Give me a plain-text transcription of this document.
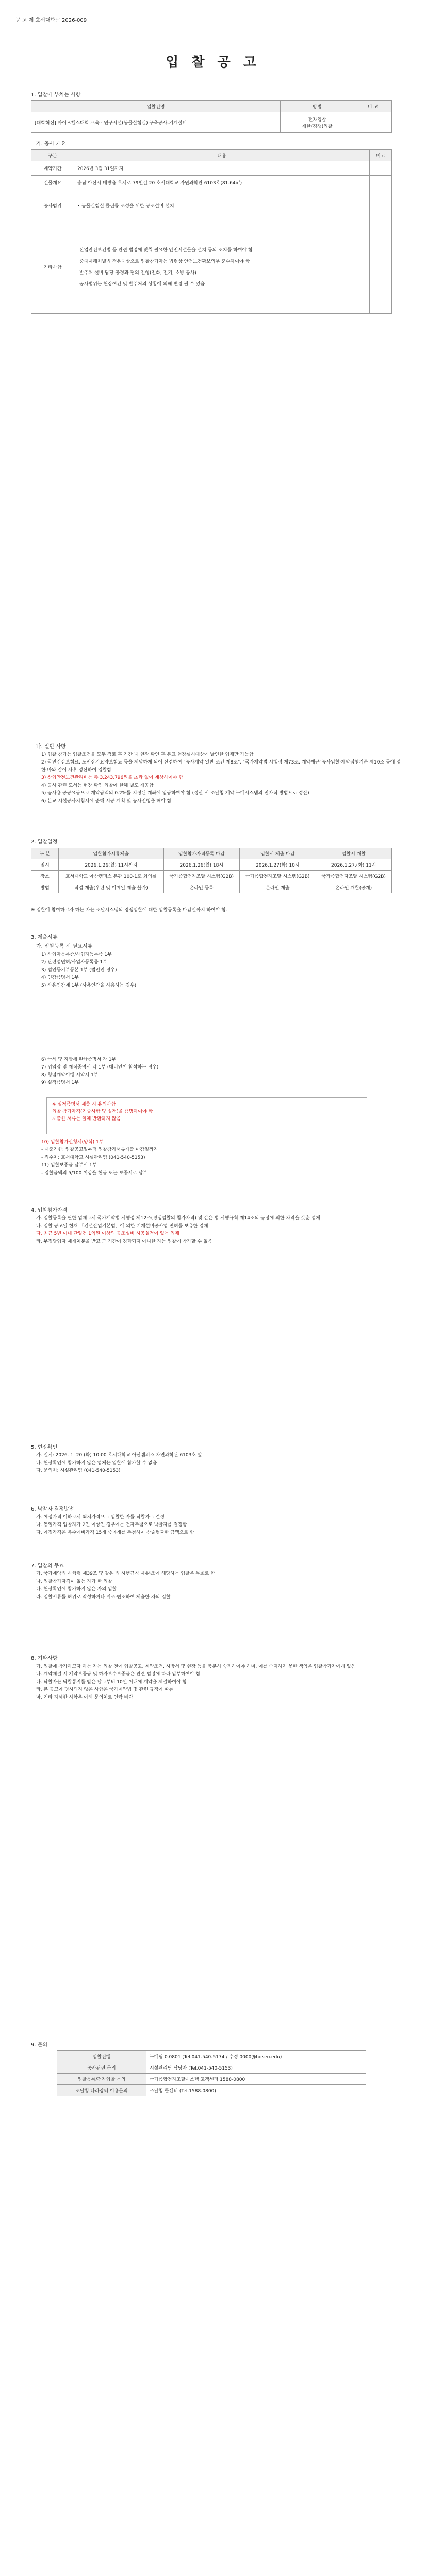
공 고 제 호서대학교 2026-009
입 찰 공 고
1. 입찰에 부치는 사항
입찰건명	방법	비 고
[대학혁신] 바이오헬스대학 교육 · 연구시설(동물실험실) 구축공사-기계설비	전자입찰
제한(경쟁)입찰	
가. 공사 개요
구분	내용	비고
계약기간	2026년 3월 31일까지	
건물개요	충남 아산시 배방읍 호서로 79번길 20 호서대학교 자연과학관 6103호(81.64㎡)	
공사범위	• 동물실험실 클린룸 조성을 위한 공조설비 설치	
기타사항	산업안전보건법 등 관련 법령에 맞춰 필요한 안전시설물을 설치 등의 조치를 하여야 함
중대재해처벌법 적용대상으로 입찰참가자는 법령상 안전보건확보의무 준수하여야 함
발주처 설비 담당 공정과 협의 진행(전화, 전기, 소방 공사)
공사범위는 현장여건 및 발주처의 상황에 의해 변경 될 수 있음	
나. 일반 사항
1) 입찰 참가는 입찰조건을 모두 검토 후 기간 내 현장 확인 후 본교 현장설시대상에 날인한 업체만 가능함
2) 국민건강보험료, 노인장기요양보험료 등을 체납하게 되어 산정하여 "공사계약 일반 조건 제8조", "국가계약법 시행령 제73조, 계약예규"공사입찰·계약집행기준 제10조 등에 정한 바와 같이 사후 정산하여 입찰함
3) 산업안전보건관리비는 총 3,243,796원을 초과 없이 계상하여야 함
4) 공사 관련 도서는 현장 확인 입찰에 한해 별도 제공함
5) 공사용 공공요금으로 계약금액의 0.2%를 지정된 계좌에 입금하여야 함 (정산 시 조달청 계약 구매시스템의 전자적 방법으로 정산)
6) 본교 시설공사지침서에 준해 시공 계획 및 공사진행을 해야 함
2. 입찰일정
구 분	입찰참가서류제출	입찰참가자격등록 마감	입찰서 제출 마감	입찰서 개찰
일시	2026.1.26(월) 11시까지	2026.1.26(월) 18시	2026.1.27(화) 10시	2026.1.27.(화) 11시
장소	호서대학교 아산캠퍼스 본관 100-1호 회의실	국가종합전자조달 시스템(G2B)	국가종합전자조달 시스템(G2B)	국가종합전자조달 시스템(G2B)
방법	직접 제출(우편 및 이메일 제출 불가)	온라인 등록	온라인 제출	온라인 개찰(공개)
※ 입찰에 참여하고자 하는 자는 조달시스템의 경쟁입찰에 대한 입찰등록을 마감일까지 하여야 함.
3. 제출서류
가. 입찰등록 시 필요서류
1) 사업자등록증/사업자등록증 1부
2) 관련업면허/사업자등록증 1부
3) 법인등기부등본 1부 (법인인 경우)
4) 인감증명서 1부
5) 사용인감계 1부 (사용인감을 사용하는 경우)
6) 국세 및 지방세 완납증명서 각 1부
7) 위임장 및 재직증명서 각 1부 (대리인이 참석하는 경우)
8) 청렴계약이행 서약서 1부
9) 실적증명서 1부

※ 실적증명서 제출 시 유의사항

입찰 참가자격(기술사항 및 실적)을 증명하여야 함

제출한 서류는 일체 반환하지 않음

10) 입찰참가신청서(양식) 1부
- 제출기한: 입찰공고일부터 입찰참가서류제출 마감일까지
- 접수처: 호서대학교 시설관리팀 (041-540-5153)
11) 입찰보증금 납부서 1부
- 입찰금액의 5/100 이상을 현금 또는 보증서로 납부
4. 입찰참가자격
가. 입찰등록을 필한 업체로서 국가계약법 시행령 제12조(경쟁입찰의 참가자격) 및 같은 법 시행규칙 제14조의 규정에 의한 자격을 갖춘 업체
나. 입찰 공고일 현재 「건설산업기본법」에 의한 기계설비공사업 면허를 보유한 업체
다. 최근 5년 이내 단일건 1억원 이상의 공조설비 시공실적이 있는 업체
라. 부정당업자 제재처분을 받고 그 기간이 경과되지 아니한 자는 입찰에 참가할 수 없음
5. 현장확인
가. 일시: 2026. 1. 20.(화) 10:00 호서대학교 아산캠퍼스 자연과학관 6103호 앞
나. 현장확인에 참가하지 않은 업체는 입찰에 참가할 수 없음
다. 문의처: 시설관리팀 (041-540-5153)
6. 낙찰자 결정방법
가. 예정가격 이하로서 최저가격으로 입찰한 자를 낙찰자로 결정
나. 동일가격 입찰자가 2인 이상인 경우에는 전자추첨으로 낙찰자를 결정함
다. 예정가격은 복수예비가격 15개 중 4개를 추첨하여 산술평균한 금액으로 함
7. 입찰의 무효
가. 국가계약법 시행령 제39조 및 같은 법 시행규칙 제44조에 해당하는 입찰은 무효로 함
나. 입찰참가자격이 없는 자가 한 입찰
다. 현장확인에 참가하지 않은 자의 입찰
라. 입찰서류를 허위로 작성하거나 위조·변조하여 제출한 자의 입찰
8. 기타사항
가. 입찰에 참가하고자 하는 자는 입찰 전에 입찰공고, 계약조건, 시방서 및 현장 등을 충분히 숙지하여야 하며, 이를 숙지하지 못한 책임은 입찰참가자에게 있음
나. 계약체결 시 계약보증금 및 하자보수보증금은 관련 법령에 따라 납부하여야 함
다. 낙찰자는 낙찰통지를 받은 날로부터 10일 이내에 계약을 체결하여야 함
라. 본 공고에 명시되지 않은 사항은 국가계약법 및 관련 규정에 따름
마. 기타 자세한 사항은 아래 문의처로 연락 바람
9. 문의
입찰진행	구매팀 0.0801 (Tel.041-540-5174 / 수정 0000@hoseo.edu)
공사관련 문의	시설관리팀 담당자 (Tel.041-540-5153)
입찰등록/전자입찰 문의	국가종합전자조달시스템 고객센터 1588-0800
조달청 나라장터 이용문의	조달청 콜센터 (Tel.1588-0800)
